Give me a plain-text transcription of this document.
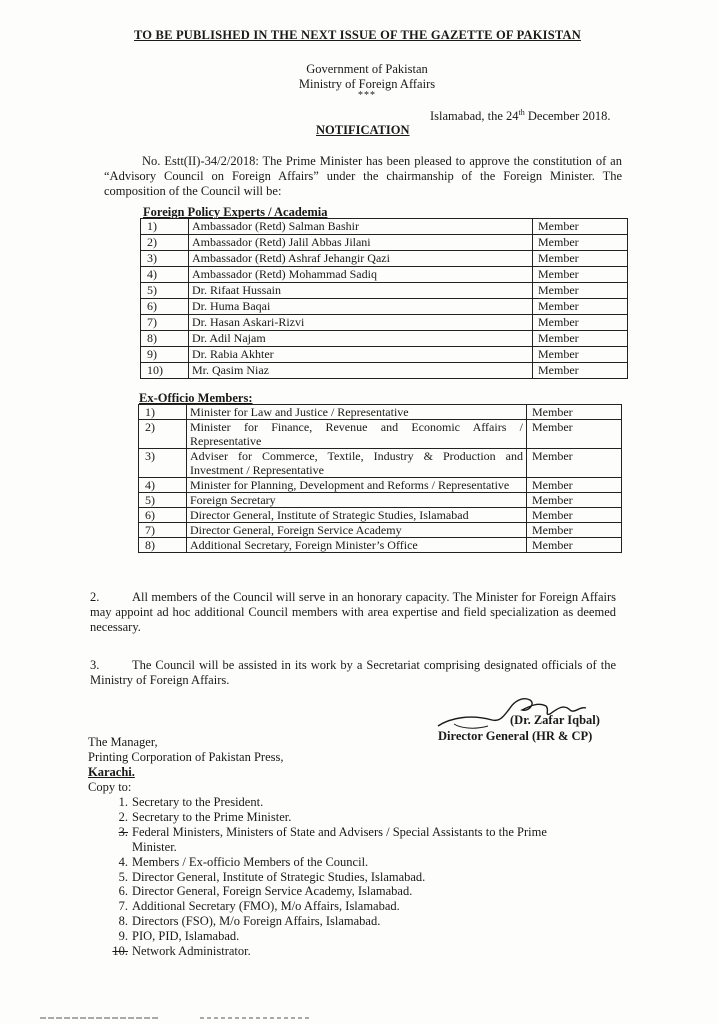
TO BE PUBLISHED IN THE NEXT ISSUE OF THE GAZETTE OF PAKISTAN
Government of Pakistan
Ministry of Foreign Affairs
***
Islamabad, the 24th December 2018.
NOTIFICATION
No. Estt(II)-34/2/2018: The Prime Minister has been pleased to approve the constitution of an “Advisory Council on Foreign Affairs” under the chairmanship of the Foreign Minister. The composition of the Council will be:
Foreign Policy Experts / Academia
1)	Ambassador (Retd) Salman Bashir	Member
2)	Ambassador (Retd) Jalil Abbas Jilani	Member
3)	Ambassador (Retd) Ashraf Jehangir Qazi	Member
4)	Ambassador (Retd) Mohammad Sadiq	Member
5)	Dr. Rifaat Hussain	Member
6)	Dr. Huma Baqai	Member
7)	Dr. Hasan Askari-Rizvi	Member
8)	Dr. Adil Najam	Member
9)	Dr. Rabia Akhter	Member
10)	Mr. Qasim Niaz	Member
Ex-Officio Members:
1)	Minister for Law and Justice / Representative	Member
2)	Minister for Finance, Revenue and Economic Affairs / Representative	Member
3)	Adviser for Commerce, Textile, Industry & Production and Investment / Representative	Member
4)	Minister for Planning, Development and Reforms / Representative	Member
5)	Foreign Secretary	Member
6)	Director General, Institute of Strategic Studies, Islamabad	Member
7)	Director General, Foreign Service Academy	Member
8)	Additional Secretary, Foreign Minister’s Office	Member
2.	All members of the Council will serve in an honorary capacity. The Minister for Foreign Affairs may appoint ad hoc additional Council members with area expertise and field specialization as deemed necessary.
3.	The Council will be assisted in its work by a Secretariat comprising designated officials of the Ministry of Foreign Affairs.
(Dr. Zafar Iqbal)
Director General (HR & CP)
The Manager,
Printing Corporation of Pakistan Press,
Karachi.
Copy to:
1. Secretary to the President.
2. Secretary to the Prime Minister.
3. Federal Ministers, Ministers of State and Advisers / Special Assistants to the Prime Minister.
4. Members / Ex-officio Members of the Council.
5. Director General, Institute of Strategic Studies, Islamabad.
6. Director General, Foreign Service Academy, Islamabad.
7. Additional Secretary (FMO), M/o Affairs, Islamabad.
8. Directors (FSO), M/o Foreign Affairs, Islamabad.
9. PIO, PID, Islamabad.
10. Network Administrator.
